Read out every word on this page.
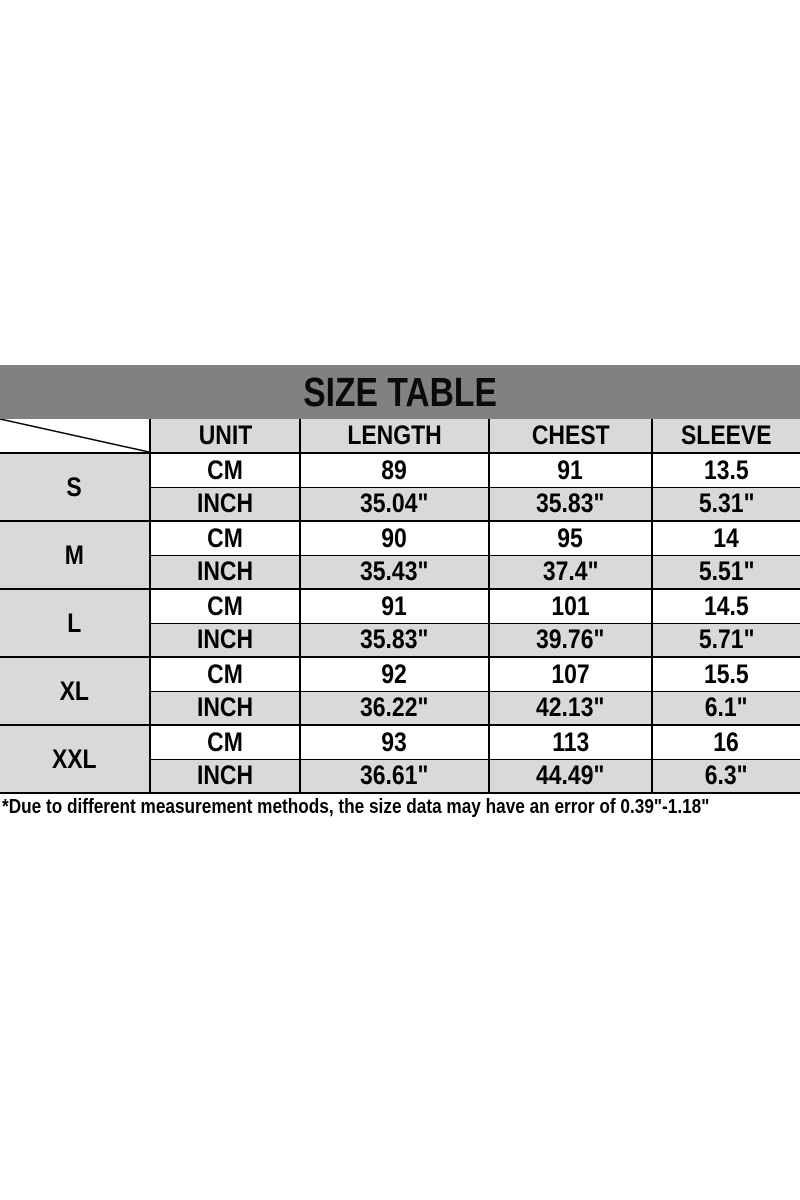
SIZE TABLE
	UNIT	LENGTH	CHEST	SLEEVE
S	CM	89	91	13.5
	INCH	35.04"	35.83"	5.31"
M	CM	90	95	14
	INCH	35.43"	37.4"	5.51"
L	CM	91	101	14.5
	INCH	35.83"	39.76"	5.71"
XL	CM	92	107	15.5
	INCH	36.22"	42.13"	6.1"
XXL	CM	93	113	16
	INCH	36.61"	44.49"	6.3"
*Due to different measurement methods, the size data may have an error of 0.39"-1.18"
